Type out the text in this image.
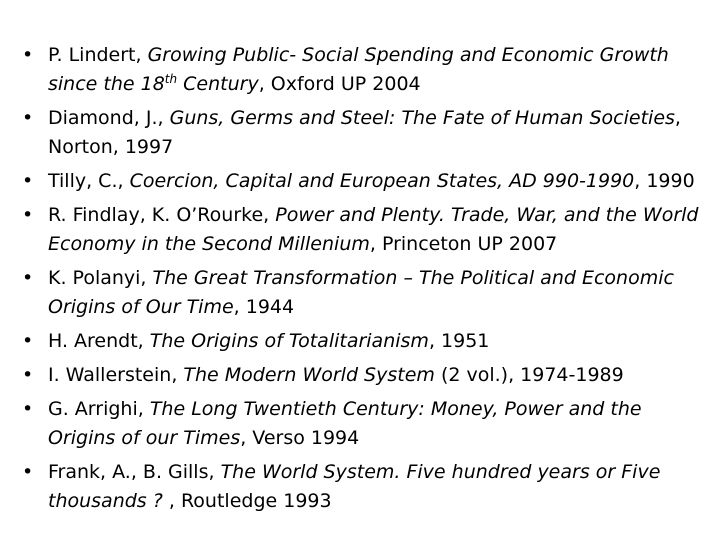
• P. Lindert, Growing Public- Social Spending and Economic Growth since the 18th Century, Oxford UP 2004
• Diamond, J., Guns, Germs and Steel: The Fate of Human Societies, Norton, 1997
• Tilly, C., Coercion, Capital and European States, AD 990-1990, 1990
• R. Findlay, K. O’Rourke, Power and Plenty. Trade, War, and the World Economy in the Second Millenium, Princeton UP 2007
• K. Polanyi, The Great Transformation – The Political and Economic Origins of Our Time, 1944
• H. Arendt, The Origins of Totalitarianism, 1951
• I. Wallerstein, The Modern World System (2 vol.), 1974-1989
• G. Arrighi, The Long Twentieth Century: Money, Power and the Origins of our Times, Verso 1994
• Frank, A., B. Gills, The World System. Five hundred years or Five thousands ? , Routledge 1993
